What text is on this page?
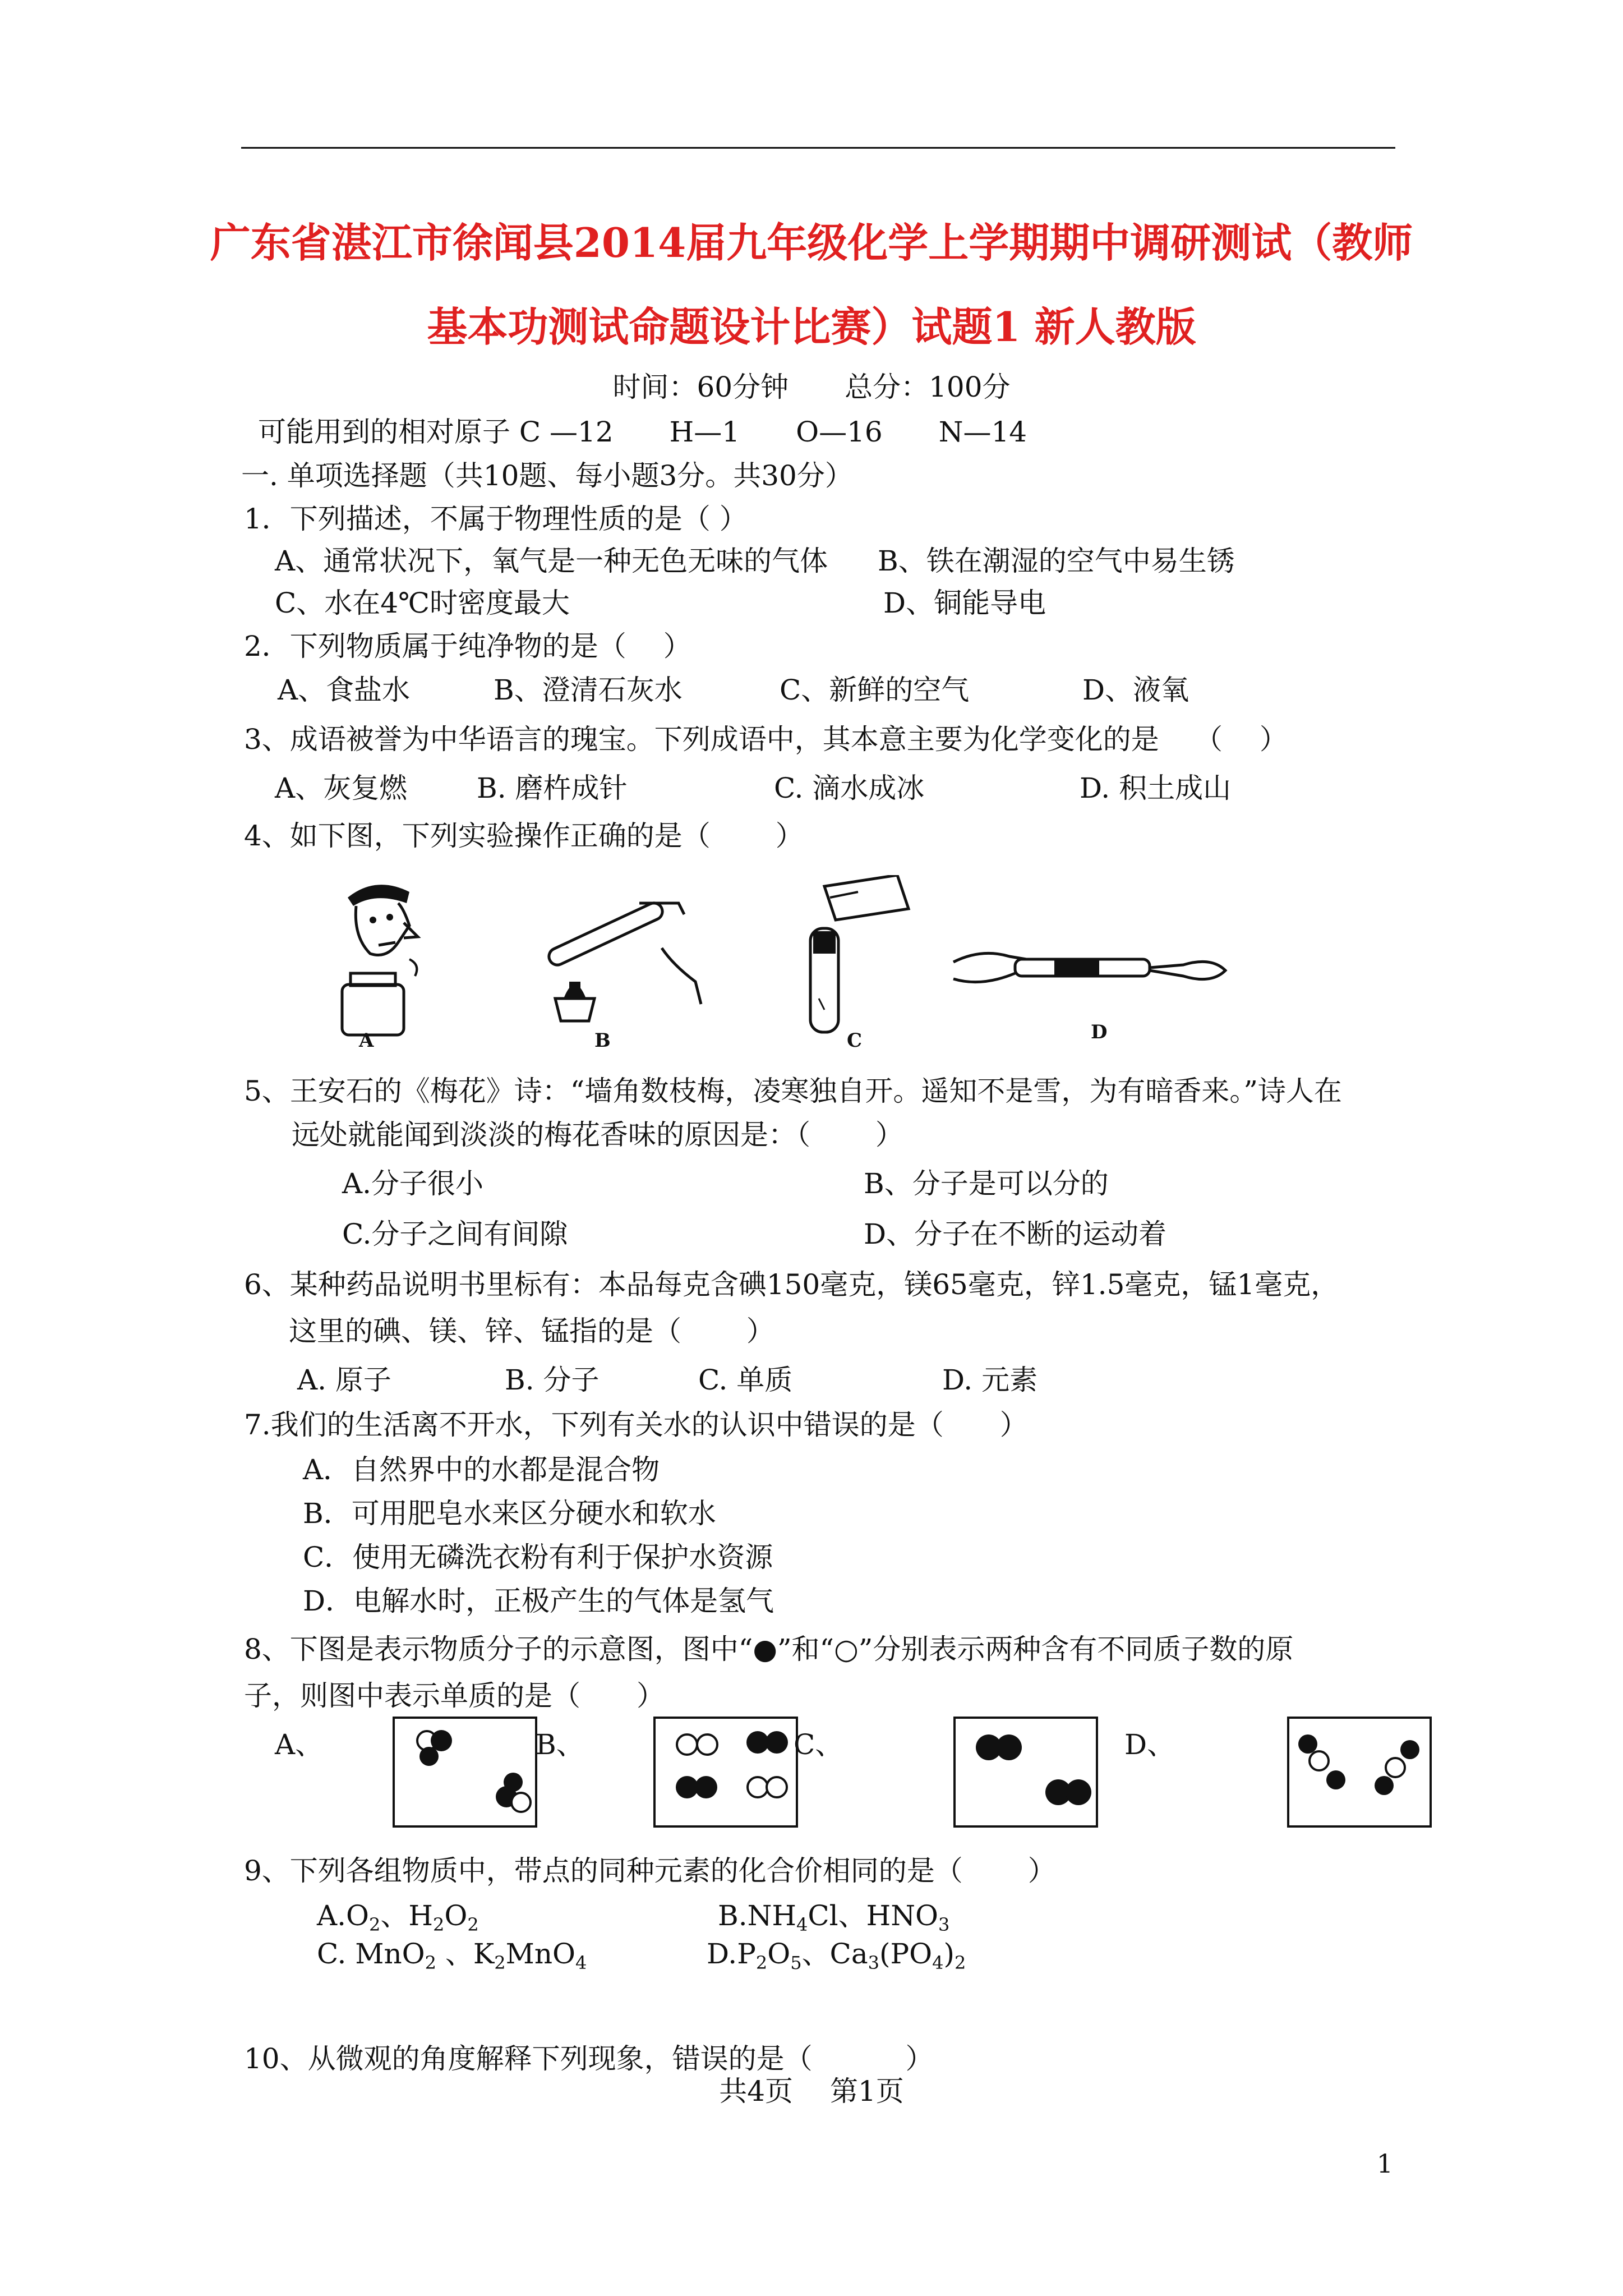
广东省湛江市徐闻县2014届九年级化学上学期期中调研测试（教师
基本功测试命题设计比赛）试题1 新人教版
时间：60分钟　　总分：100分
可能用到的相对原子 C —12　　H—1　　O—16　　N—14
一. 单项选择题（共10题、每小题3分。共30分）
1．下列描述，不属于物理性质的是（ ）
A、通常状况下，氧气是一种无色无味的气体 B、铁在潮湿的空气中易生锈
C、水在4℃时密度最大	D、铜能导电
2．下列物质属于纯净物的是（　 ）
A、食盐水	B、澄清石灰水	C、新鲜的空气	D、液氧
3、成语被誉为中华语言的瑰宝。下列成语中，其本意主要为化学变化的是 （　 ）
A、灰复燃 B. 磨杵成针	C. 滴水成冰	D. 积土成山
4、如下图，下列实验操作正确的是（　　 ）
A	B	C	D
5、王安石的《梅花》诗：“墙角数枝梅，凌寒独自开。遥知不是雪，为有暗香来。”诗人在
远处就能闻到淡淡的梅花香味的原因是：（　　 ）
A.分子很小	B、分子是可以分的
C.分子之间有间隙	D、分子在不断的运动着
6、某种药品说明书里标有：本品每克含碘150毫克，镁65毫克，锌1.5毫克，锰1毫克，
这里的碘、镁、锌、锰指的是（　　 ）
A. 原子	B. 分子	C. 单质	D. 元素
7.我们的生活离不开水，下列有关水的认识中错误的是（　　）
A．自然界中的水都是混合物
B．可用肥皂水来区分硬水和软水
C．使用无磷洗衣粉有利于保护水资源
D．电解水时，正极产生的气体是氢气
8、下图是表示物质分子的示意图，图中“●”和“○”分别表示两种含有不同质子数的原
子，则图中表示单质的是（　　）
A、	B、	C、	D、
9、下列各组物质中，带点的同种元素的化合价相同的是（　　 ）
$A.O_2$、$H_2O_2$	$B.NH_4Cl$、$HNO_3$
C. MnO$_2$ 、$K_2MnO_4$	$D.P_2O_5$、$Ca_3(PO_4)_2$
10、从微观的角度解释下列现象，错误的是（　　　 ）
共4页　 第1页
1
